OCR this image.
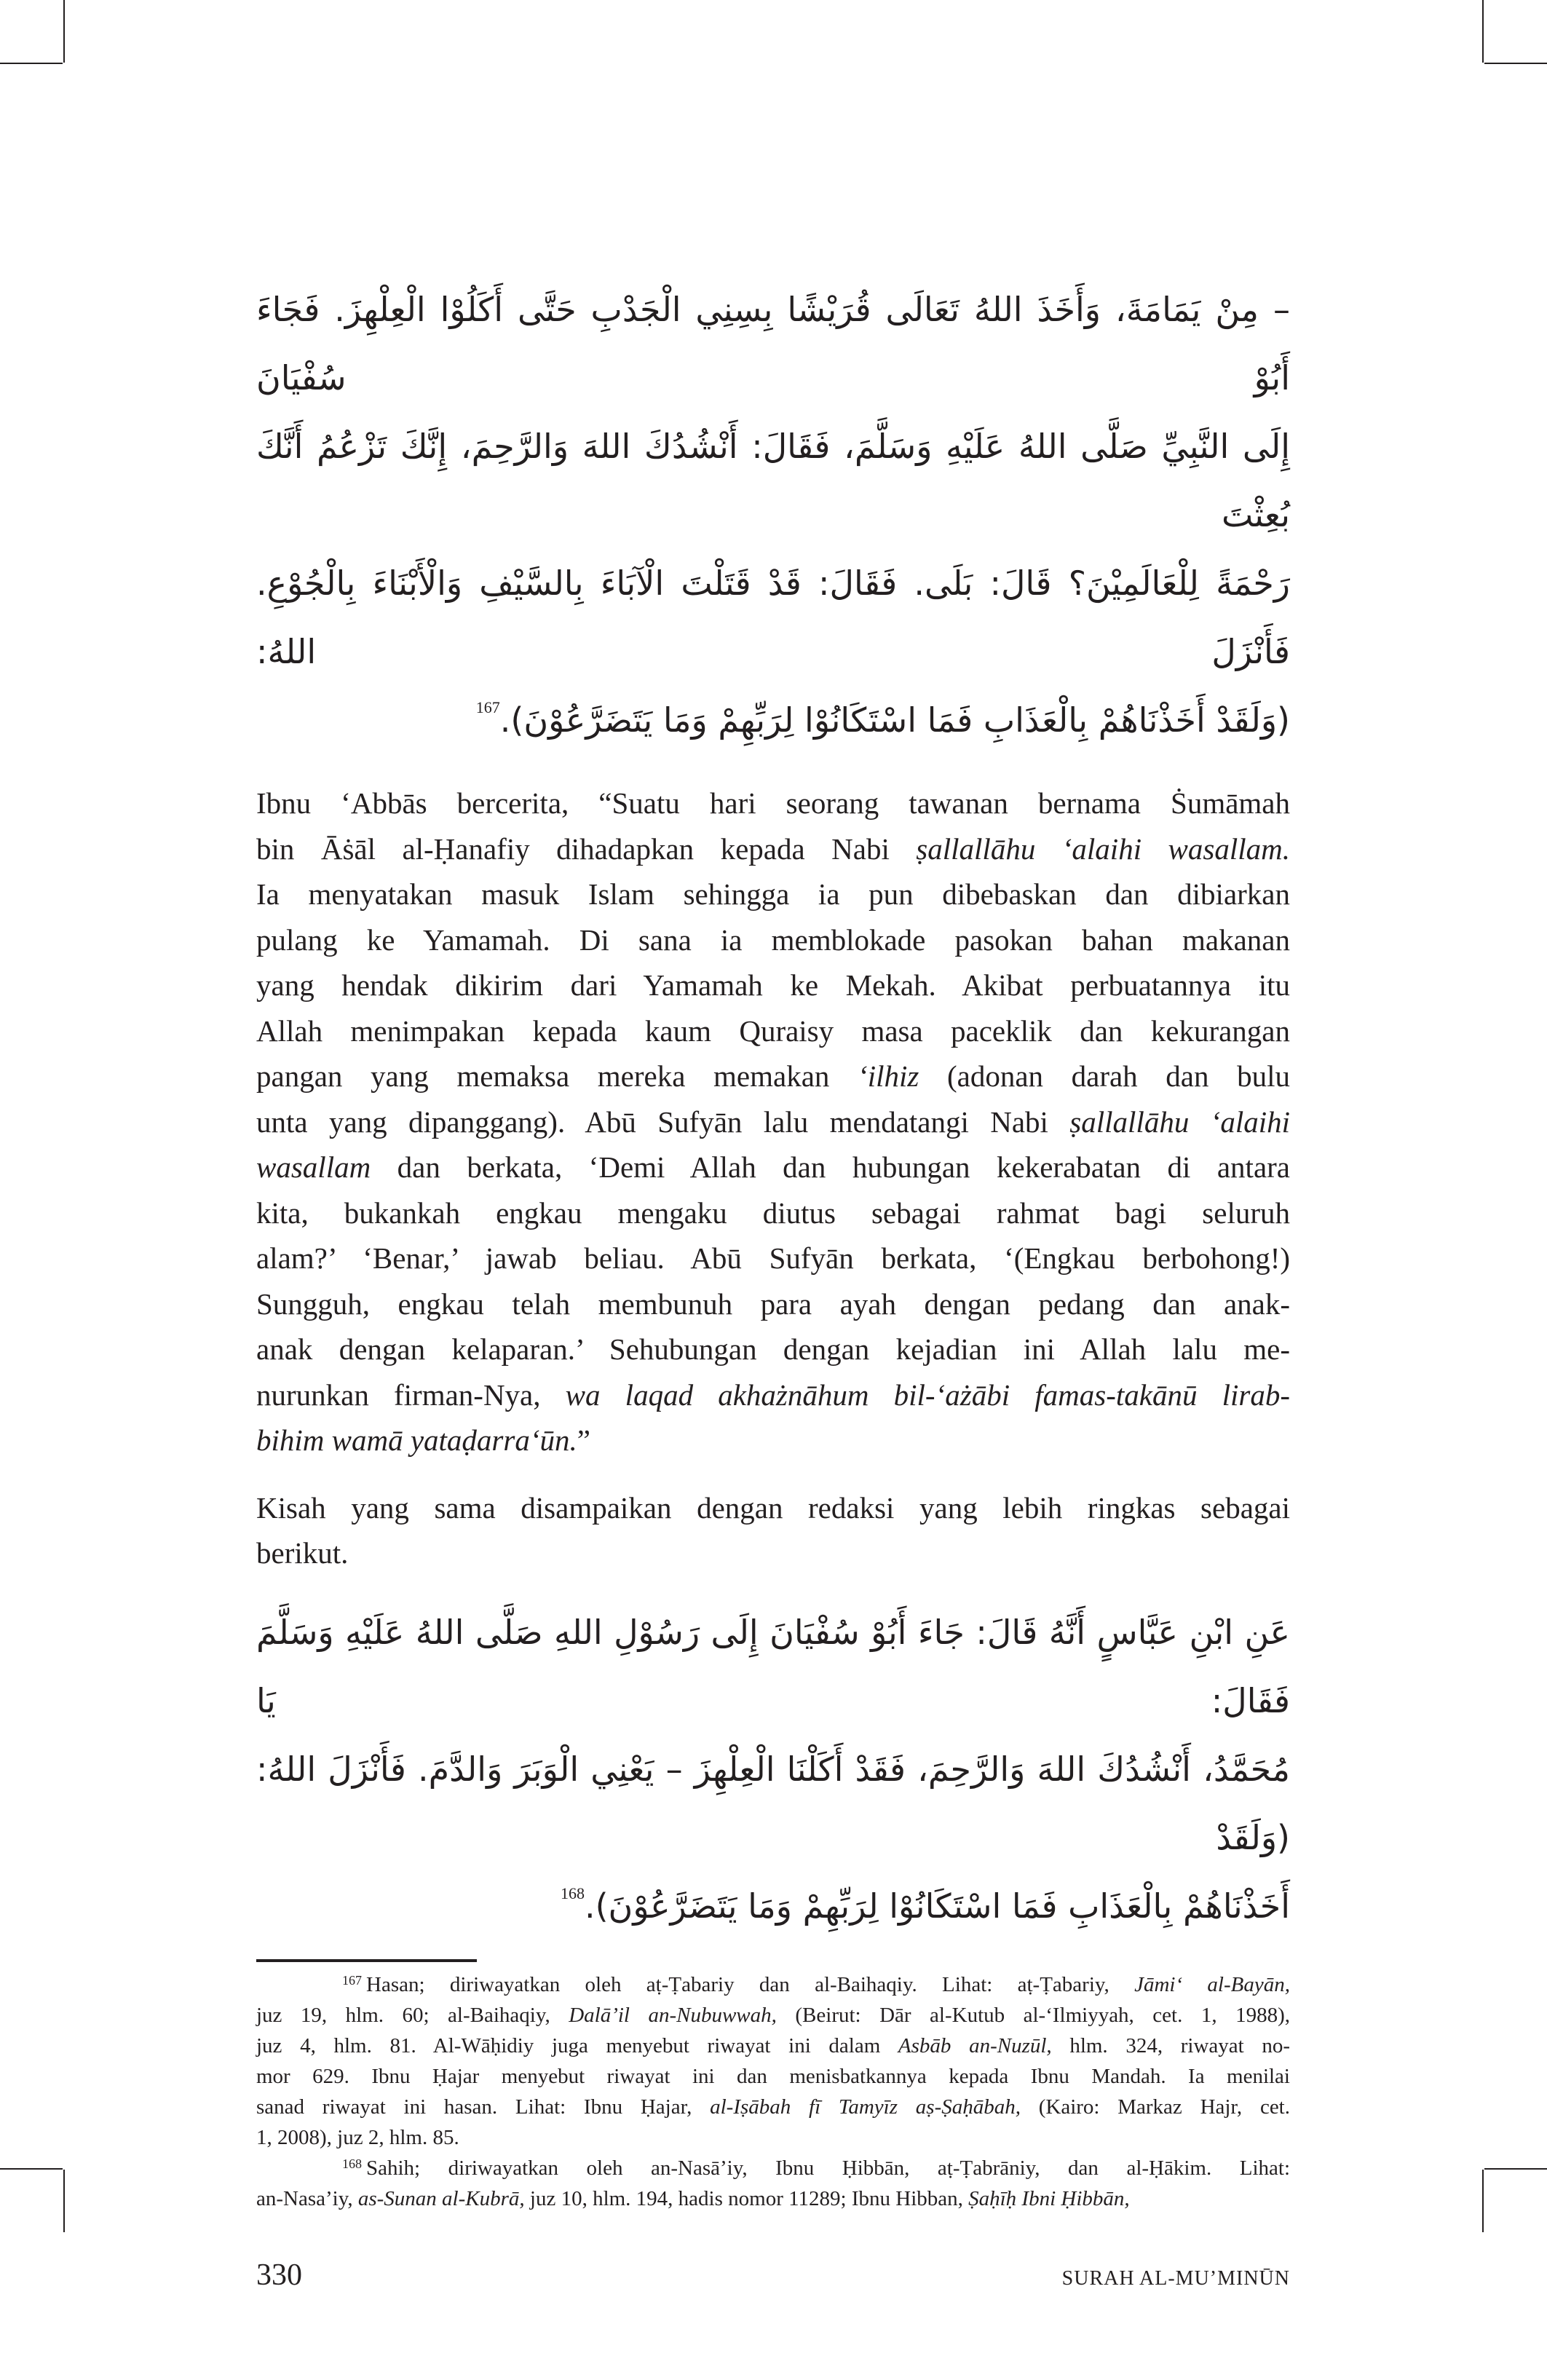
– مِنْ يَمَامَةَ، وَأَخَذَ اللهُ تَعَالَى قُرَيْشًا بِسِنِي الْجَدْبِ حَتَّى أَكَلُوْا الْعِلْهِزَ. فَجَاءَ أَبُوْ سُفْيَانَ
إِلَى النَّبِيِّ صَلَّى اللهُ عَلَيْهِ وَسَلَّمَ، فَقَالَ: أَنْشُدُكَ اللهَ وَالرَّحِمَ، إِنَّكَ تَزْعُمُ أَنَّكَ بُعِثْتَ
رَحْمَةً لِلْعَالَمِيْنَ؟ قَالَ: بَلَى. فَقَالَ: قَدْ قَتَلْتَ الْآبَاءَ بِالسَّيْفِ وَالْأَبْنَاءَ بِالْجُوْعِ. فَأَنْزَلَ اللهُ:
(وَلَقَدْ أَخَذْنَاهُمْ بِالْعَذَابِ فَمَا اسْتَكَانُوْا لِرَبِّهِمْ وَمَا يَتَضَرَّعُوْنَ).$^{167}$
Ibnu ‘Abbās bercerita, “Suatu hari seorang tawanan bernama Ṡumāmah
bin Āṡāl al-Ḥanafiy dihadapkan kepada Nabi ṣallallāhu ‘alaihi wasallam.
Ia menyatakan masuk Islam sehingga ia pun dibebaskan dan dibiarkan
pulang ke Yamamah. Di sana ia memblokade pasokan bahan makanan
yang hendak dikirim dari Yamamah ke Mekah. Akibat perbuatannya itu
Allah menimpakan kepada kaum Quraisy masa paceklik dan kekurangan
pangan yang memaksa mereka memakan ‘ilhiz (adonan darah dan bulu
unta yang dipanggang). Abū Sufyān lalu mendatangi Nabi ṣallallāhu ‘alaihi
wasallam dan berkata, ‘Demi Allah dan hubungan kekerabatan di antara
kita, bukankah engkau mengaku diutus sebagai rahmat bagi seluruh
alam?’ ‘Benar,’ jawab beliau. Abū Sufyān berkata, ‘(Engkau berbohong!)
Sungguh, engkau telah membunuh para ayah dengan pedang dan anak-
anak dengan kelaparan.’ Sehubungan dengan kejadian ini Allah lalu me-
nurunkan firman-Nya, wa laqad akhażnāhum bil-‘ażābi famas-takānū lirab-
bihim wamā yataḍarra‘ūn.”
Kisah yang sama disampaikan dengan redaksi yang lebih ringkas sebagai
berikut.
عَنِ ابْنِ عَبَّاسٍ أَنَّهُ قَالَ: جَاءَ أَبُوْ سُفْيَانَ إِلَى رَسُوْلِ اللهِ صَلَّى اللهُ عَلَيْهِ وَسَلَّمَ فَقَالَ: يَا
مُحَمَّدُ، أَنْشُدُكَ اللهَ وَالرَّحِمَ، فَقَدْ أَكَلْنَا الْعِلْهِزَ – يَعْنِي الْوَبَرَ وَالدَّمَ. فَأَنْزَلَ اللهُ: (وَلَقَدْ
أَخَذْنَاهُمْ بِالْعَذَابِ فَمَا اسْتَكَانُوْا لِرَبِّهِمْ وَمَا يَتَضَرَّعُوْنَ).$^{168}$
$^{167}$ Hasan; diriwayatkan oleh aṭ-Ṭabariy dan al-Baihaqiy. Lihat: aṭ-Ṭabariy, Jāmi‘ al-Bayān,
juz 19, hlm. 60; al-Baihaqiy, Dalā’il an-Nubuwwah, (Beirut: Dār al-Kutub al-‘Ilmiyyah, cet. 1, 1988),
juz 4, hlm. 81. Al-Wāḥidiy juga menyebut riwayat ini dalam Asbāb an-Nuzūl, hlm. 324, riwayat no-
mor 629. Ibnu Ḥajar menyebut riwayat ini dan menisbatkannya kepada Ibnu Mandah. Ia menilai
sanad riwayat ini hasan. Lihat: Ibnu Ḥajar, al-Iṣābah fī Tamyīz aṣ-Ṣaḥābah, (Kairo: Markaz Hajr, cet.
1, 2008), juz 2, hlm. 85.
$^{168}$ Sahih; diriwayatkan oleh an-Nasā’iy, Ibnu Ḥibbān, aṭ-Ṭabrāniy, dan al-Ḥākim. Lihat:
an-Nasa’iy, as-Sunan al-Kubrā, juz 10, hlm. 194, hadis nomor 11289; Ibnu Hibban, Ṣaḥīḥ Ibni Ḥibbān,
330	SURAH AL-MU’MINŪN
